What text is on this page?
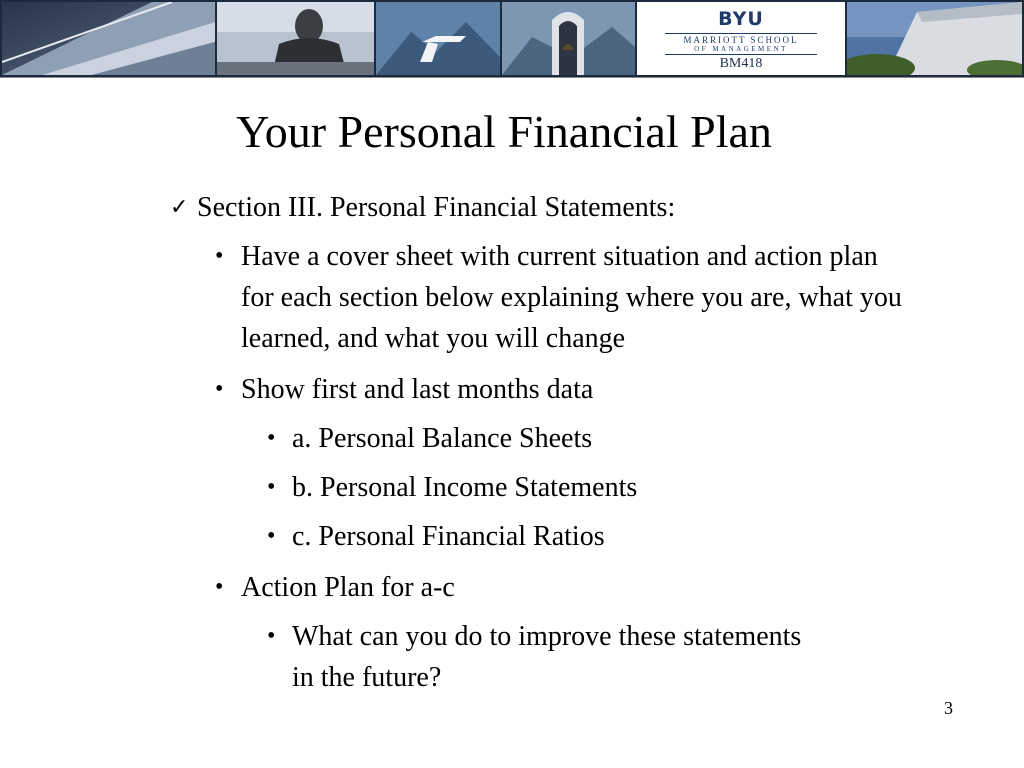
BYU
MARRIOTT SCHOOL
OF MANAGEMENT
BM418
Your Personal Financial Plan
✓ Section III. Personal Financial Statements:
• Have a cover sheet with current situation and action plan for each section below explaining where you are, what you learned, and what you will change
• Show first and last months data
• a. Personal Balance Sheets
• b. Personal Income Statements
• c. Personal Financial Ratios
• Action Plan for a-c
• What can you do to improve these statements in the future?
3
